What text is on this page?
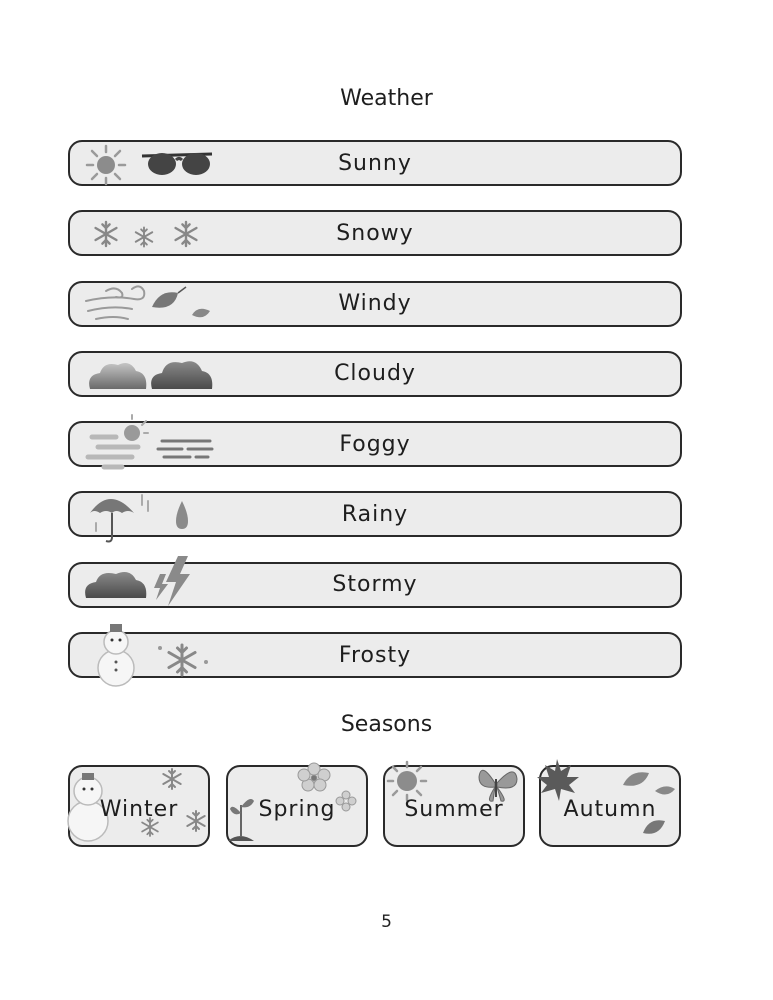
Weather
Sunny
Snowy
Windy
Cloudy
Foggy
Rainy
Stormy
Frosty
Seasons
Winter	Spring	Summer	Autumn
5
